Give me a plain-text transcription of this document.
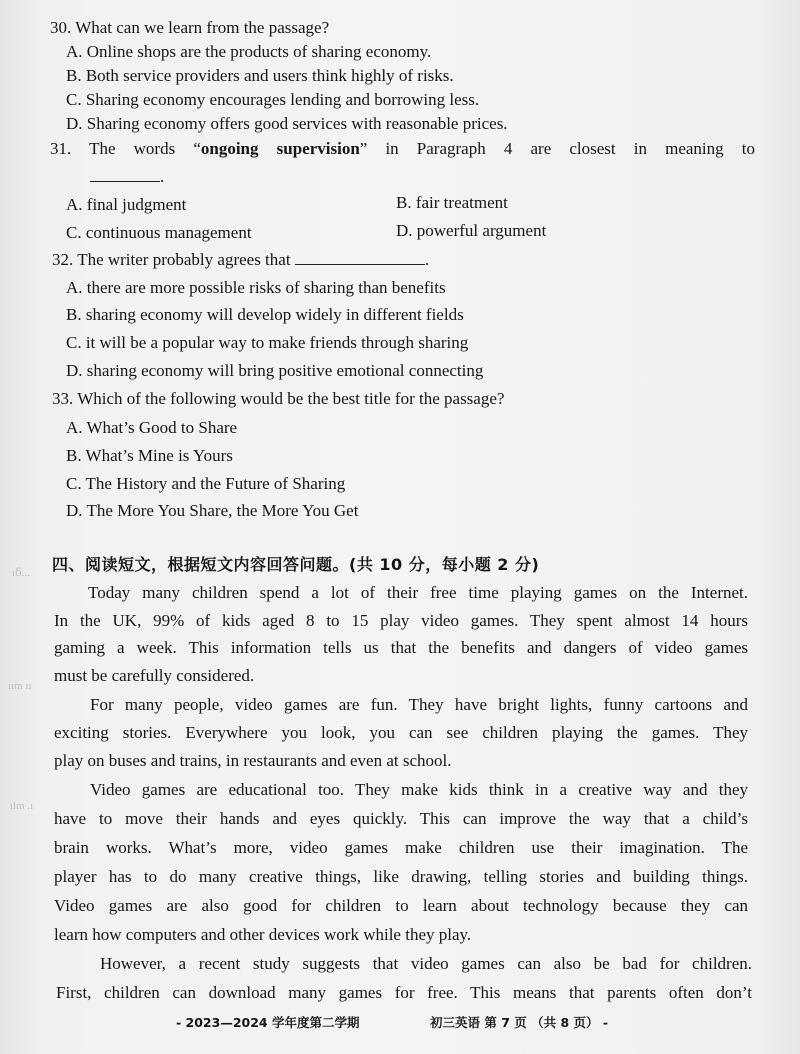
ıẟ...
ıım ıı
ılm .ı
30. What can we learn from the passage?
A. Online shops are the products of sharing economy.
B. Both service providers and users think highly of risks.
C. Sharing economy encourages lending and borrowing less.
D. Sharing economy offers good services with reasonable prices.
31. The words “ongoing supervision” in Paragraph 4 are closest in meaning to
.
A. final judgment	B. fair treatment
C. continuous management	D. powerful argument
32. The writer probably agrees that	.
A. there are more possible risks of sharing than benefits
B. sharing economy will develop widely in different fields
C. it will be a popular way to make friends through sharing
D. sharing economy will bring positive emotional connecting
33. Which of the following would be the best title for the passage?
A. What’s Good to Share
B. What’s Mine is Yours
C. The History and the Future of Sharing
D. The More You Share, the More You Get
四、阅读短文，根据短文内容回答问题。(共 10 分，每小题 2 分)
Today many children spend a lot of their free time playing games on the Internet.
In the UK, 99% of kids aged 8 to 15 play video games. They spent almost 14 hours
gaming a week. This information tells us that the benefits and dangers of video games
must be carefully considered.
For many people, video games are fun. They have bright lights, funny cartoons and
exciting stories. Everywhere you look, you can see children playing the games. They
play on buses and trains, in restaurants and even at school.
Video games are educational too. They make kids think in a creative way and they
have to move their hands and eyes quickly. This can improve the way that a child’s
brain works. What’s more, video games make children use their imagination. The
player has to do many creative things, like drawing, telling stories and building things.
Video games are also good for children to learn about technology because they can
learn how computers and other devices work while they play.
However, a recent study suggests that video games can also be bad for children.
First, children can download many games for free. This means that parents often don’t
- 2023—2024 学年度第二学期	初三英语 第 7 页 （共 8 页） -
